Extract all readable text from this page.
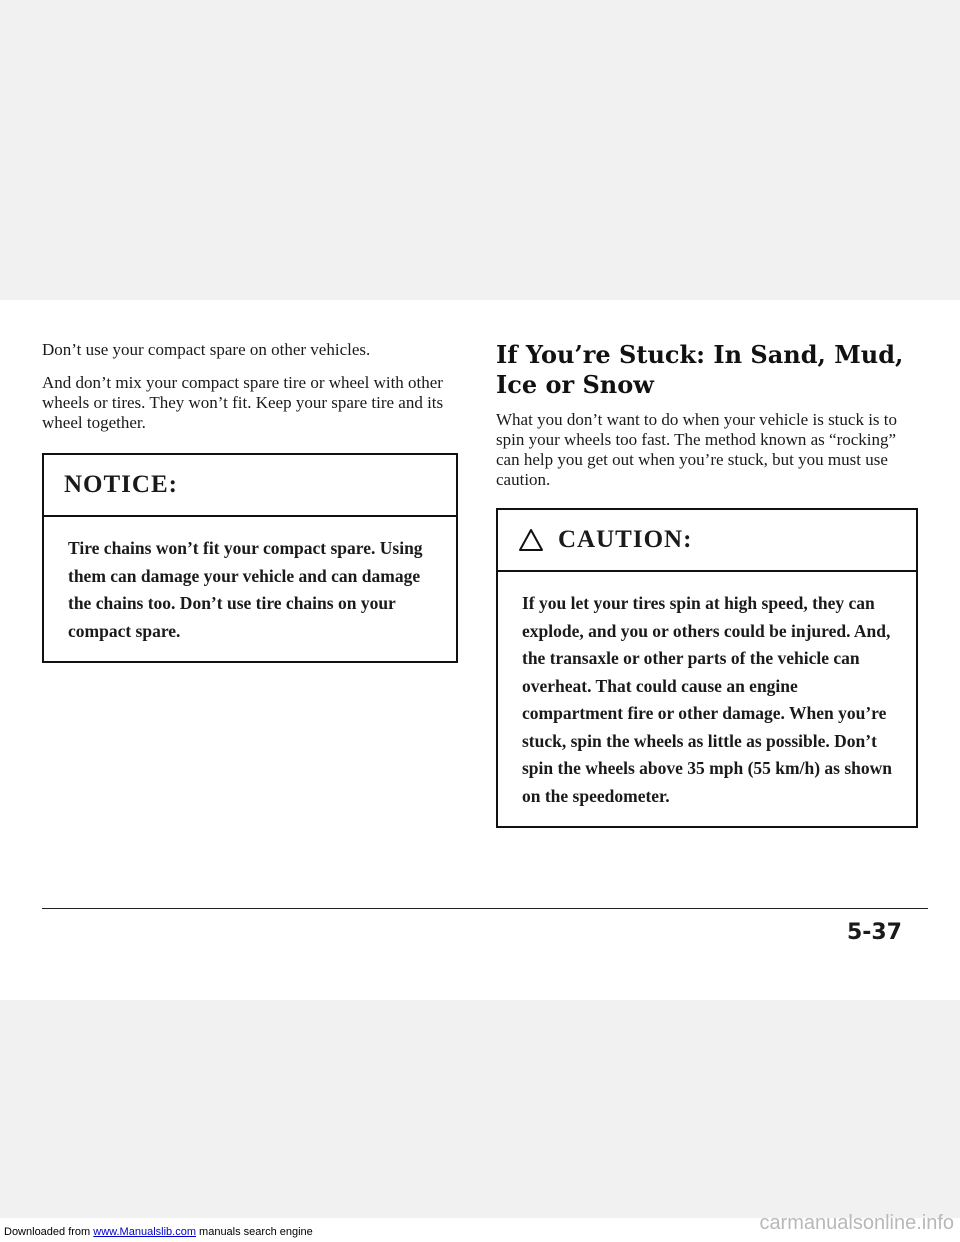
Don’t use your compact spare on other vehicles.

And don’t mix your compact spare tire or wheel with other wheels or tires. They won’t fit. Keep your spare tire and its wheel together.

NOTICE:
Tire chains won’t fit your compact spare. Using them can damage your vehicle and can damage the chains too. Don’t use tire chains on your compact spare.
If You’re Stuck: In Sand, Mud, Ice or Snow

What you don’t want to do when your vehicle is stuck is to spin your wheels too fast. The method known as “rocking” can help you get out when you’re stuck, but you must use caution.

CAUTION:
If you let your tires spin at high speed, they can explode, and you or others could be injured. And, the transaxle or other parts of the vehicle can overheat. That could cause an engine compartment fire or other damage. When you’re stuck, spin the wheels as little as possible. Don’t spin the wheels above 35 mph (55 km/h) as shown on the speedometer.
5-37
Downloaded from www.Manualslib.com manuals search engine	carmanualsonline.info
